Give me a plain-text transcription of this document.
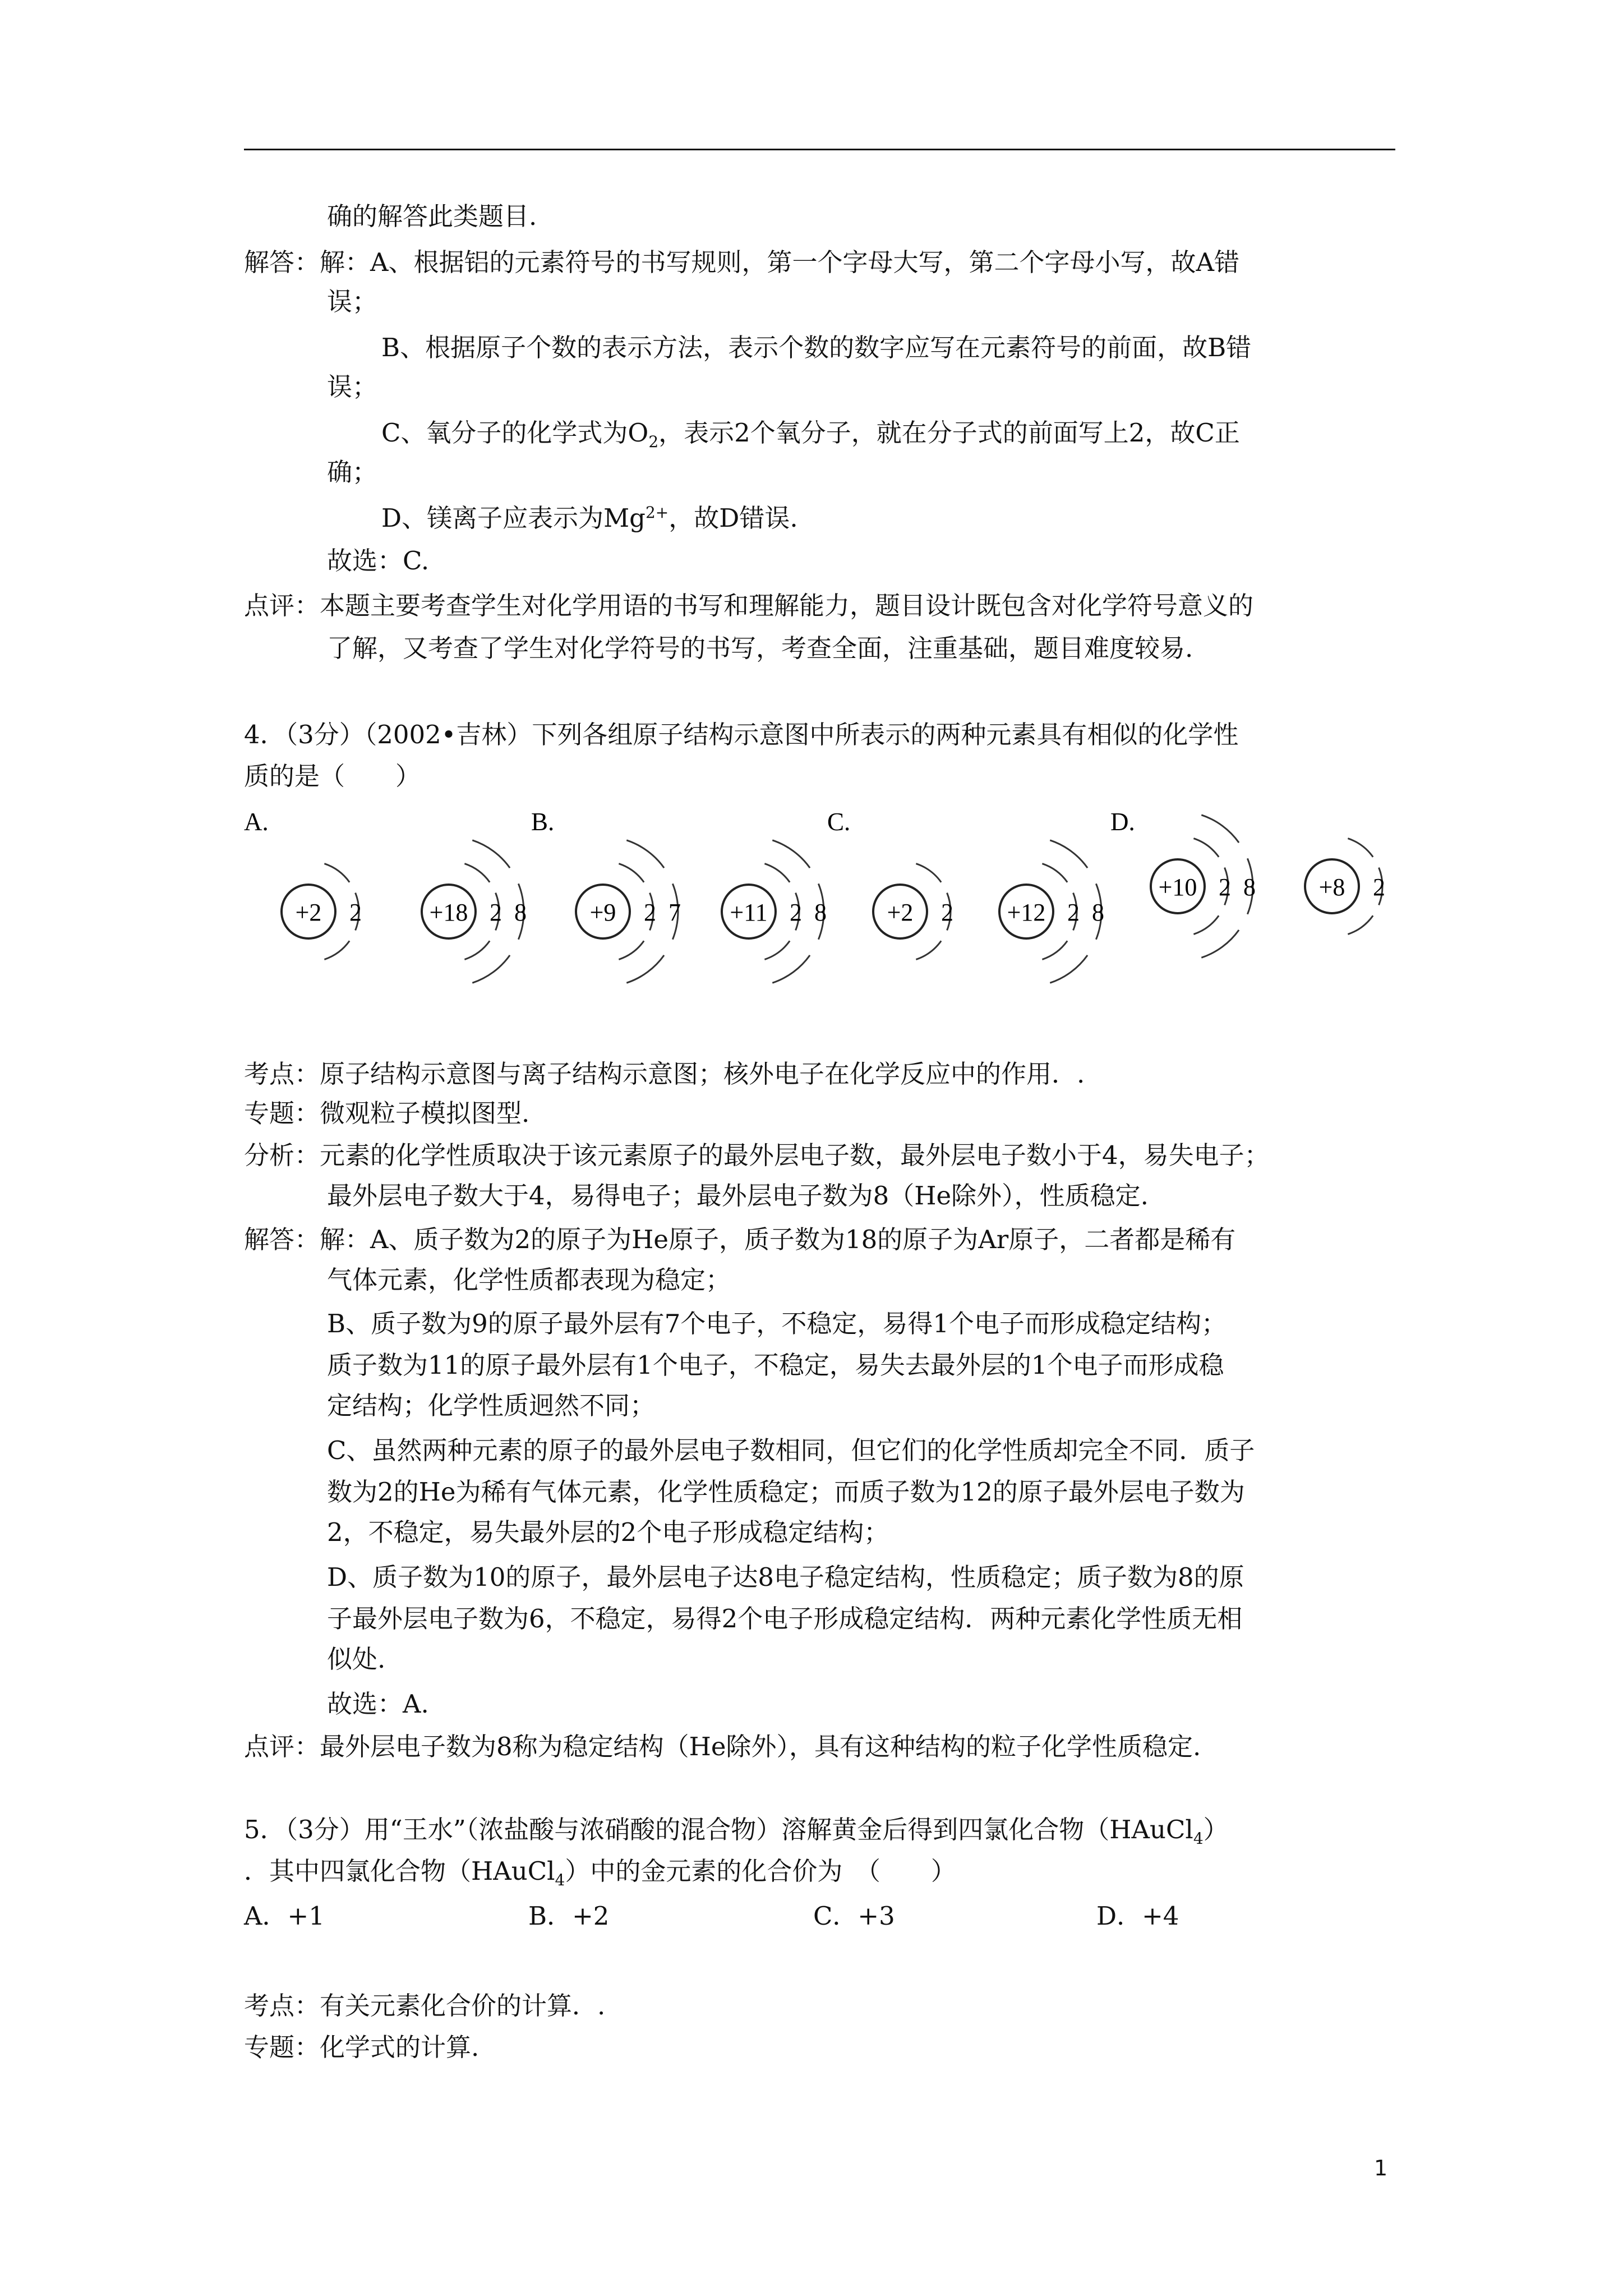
确的解答此类题目.
解答：解：A、根据铝的元素符号的书写规则，第一个字母大写，第二个字母小写，故A错
误；
B、根据原子个数的表示方法，表示个数的数字应写在元素符号的前面，故B错
误；
C、氧分子的化学式为$O_2$，表示2个氧分子，就在分子式的前面写上2，故C正
确；
D、镁离子应表示为$Mg^{2+}$，故D错误.
故选：C.
点评：本题主要考查学生对化学用语的书写和理解能力，题目设计既包含对化学符号意义的
了解，又考查了学生对化学符号的书写，考查全面，注重基础，题目难度较易.
4．（3分）（2002•吉林）下列各组原子结构示意图中所表示的两种元素具有相似的化学性
质的是（　　）
A.	B.	C.	D.
+2 2	+18 2 8	+9 2 7 +11 2 8 +2 2 +12 2 8
+10 2 8	+8 2
考点：原子结构示意图与离子结构示意图；核外电子在化学反应中的作用．.
专题：微观粒子模拟图型.
分析：元素的化学性质取决于该元素原子的最外层电子数，最外层电子数小于4，易失电子；
最外层电子数大于4，易得电子；最外层电子数为8（He除外），性质稳定.
解答：解：A、质子数为2的原子为He原子，质子数为18的原子为Ar原子，二者都是稀有
气体元素，化学性质都表现为稳定；
B、质子数为9的原子最外层有7个电子，不稳定，易得1个电子而形成稳定结构；
质子数为11的原子最外层有1个电子，不稳定，易失去最外层的1个电子而形成稳
定结构；化学性质迥然不同；
C、虽然两种元素的原子的最外层电子数相同，但它们的化学性质却完全不同．质子
数为2的He为稀有气体元素，化学性质稳定；而质子数为12的原子最外层电子数为
2，不稳定，易失最外层的2个电子形成稳定结构；
D、质子数为10的原子，最外层电子达8电子稳定结构，性质稳定；质子数为8的原
子最外层电子数为6，不稳定，易得2个电子形成稳定结构．两种元素化学性质无相
似处.
故选：A.
点评：最外层电子数为8称为稳定结构（He除外），具有这种结构的粒子化学性质稳定.
5．（3分）用“王水”（浓盐酸与浓硝酸的混合物）溶解黄金后得到四氯化合物（HAuCl$_4$）
．其中四氯化合物（HAuCl$_4$）中的金元素的化合价为　（　　）
A．+1	B．+2	C．+3	D．+4
考点：有关元素化合价的计算．.
专题：化学式的计算.
1
